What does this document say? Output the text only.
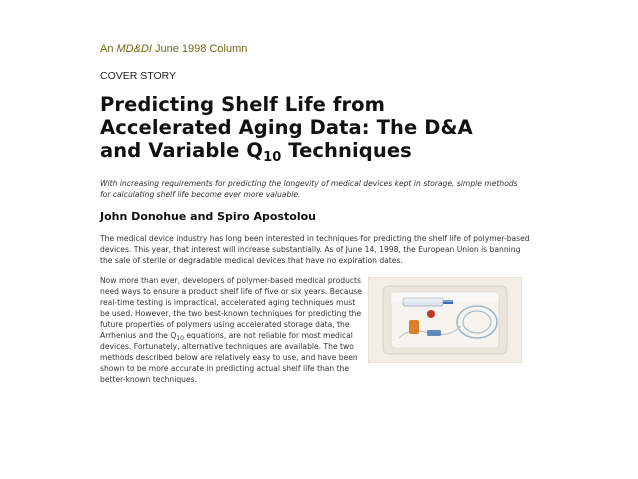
An MD&DI June 1998 Column

COVER STORY

Predicting Shelf Life from
Accelerated Aging Data: The D&A
and Variable $Q_{10}$ Techniques

With increasing requirements for predicting the longevity of medical devices kept in storage, simple methods for calculating shelf life become ever more valuable.

John Donohue and Spiro Apostolou

The medical device industry has long been interested in techniques for predicting the shelf life of polymer-based devices. This year, that interest will increase substantially. As of June 14, 1998, the European Union is banning the sale of sterile or degradable medical devices that have no expiration dates.

Now more than ever, developers of polymer-based medical products need ways to ensure a product shelf life of five or six years. Because real-time testing is impractical, accelerated aging techniques must be used. However, the two best-known techniques for predicting the future properties of polymers using accelerated storage data, the Arrhenius and the $Q_{10}$ equations, are not reliable for most medical devices. Fortunately, alternative techniques are available. The two methods described below are relatively easy to use, and have been shown to be more accurate in predicting actual shelf life than the better-known techniques.
